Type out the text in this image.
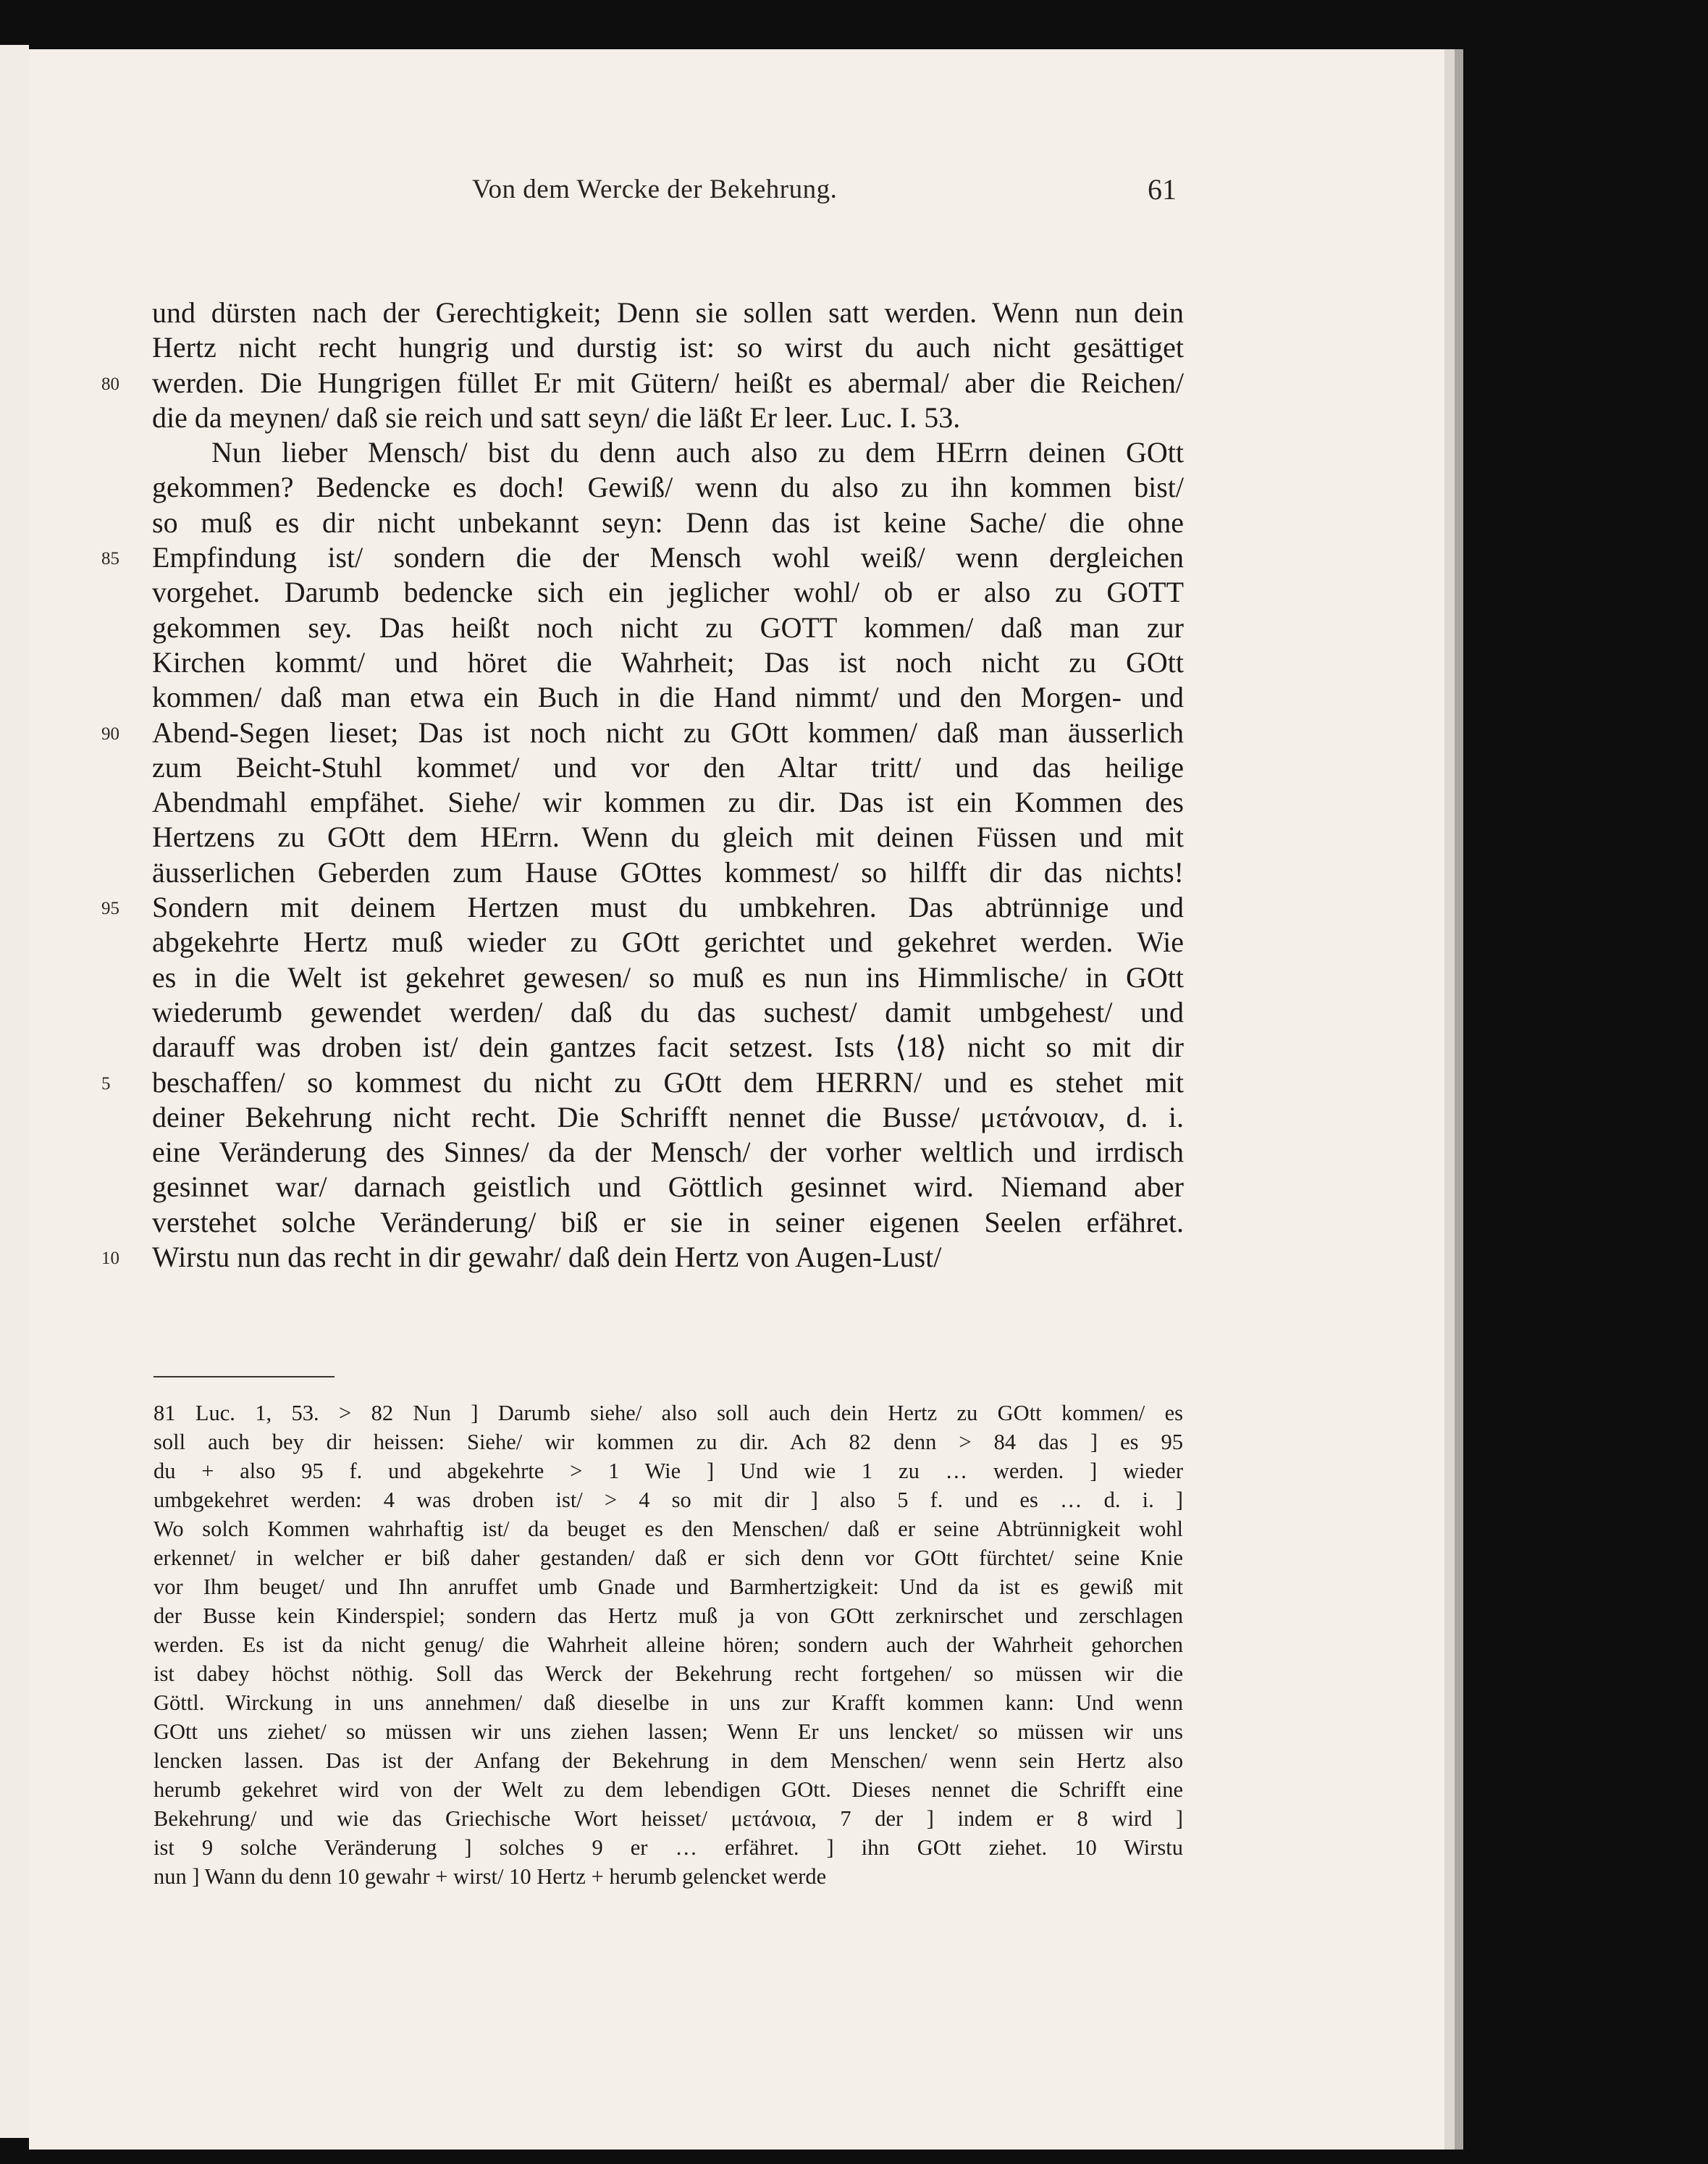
Von dem Wercke der Bekehrung.	61
und dürsten nach der Gerechtigkeit; Denn sie sollen satt werden. Wenn nun dein
Hertz nicht recht hungrig und durstig ist: so wirst du auch nicht gesättiget
80	werden. Die Hungrigen füllet Er mit Gütern/ heißt es abermal/ aber die Reichen/
die da meynen/ daß sie reich und satt seyn/ die läßt Er leer. Luc. I. 53.
Nun lieber Mensch/ bist du denn auch also zu dem HErrn deinen GOtt
gekommen? Bedencke es doch! Gewiß/ wenn du also zu ihn kommen bist/
so muß es dir nicht unbekannt seyn: Denn das ist keine Sache/ die ohne
85	Empfindung ist/ sondern die der Mensch wohl weiß/ wenn dergleichen
vorgehet. Darumb bedencke sich ein jeglicher wohl/ ob er also zu GOTT
gekommen sey. Das heißt noch nicht zu GOTT kommen/ daß man zur
Kirchen kommt/ und höret die Wahrheit; Das ist noch nicht zu GOtt
kommen/ daß man etwa ein Buch in die Hand nimmt/ und den Morgen- und
90	Abend-Segen lieset; Das ist noch nicht zu GOtt kommen/ daß man äusserlich
zum Beicht-Stuhl kommet/ und vor den Altar tritt/ und das heilige
Abendmahl empfähet. Siehe/ wir kommen zu dir. Das ist ein Kommen des
Hertzens zu GOtt dem HErrn. Wenn du gleich mit deinen Füssen und mit
äusserlichen Geberden zum Hause GOttes kommest/ so hilfft dir das nichts!
95	Sondern mit deinem Hertzen must du umbkehren. Das abtrünnige und
abgekehrte Hertz muß wieder zu GOtt gerichtet und gekehret werden. Wie
es in die Welt ist gekehret gewesen/ so muß es nun ins Himmlische/ in GOtt
wiederumb gewendet werden/ daß du das suchest/ damit umbgehest/ und
darauff was droben ist/ dein gantzes facit setzest. Ists ⟨18⟩ nicht so mit dir
5	beschaffen/ so kommest du nicht zu GOtt dem HERRN/ und es stehet mit
deiner Bekehrung nicht recht. Die Schrifft nennet die Busse/ μετάνοιαν, d. i.
eine Veränderung des Sinnes/ da der Mensch/ der vorher weltlich und irrdisch
gesinnet war/ darnach geistlich und Göttlich gesinnet wird. Niemand aber
verstehet solche Veränderung/ biß er sie in seiner eigenen Seelen erfähret.
10	Wirstu nun das recht in dir gewahr/ daß dein Hertz von Augen-Lust/
81 Luc. 1, 53. > 82 Nun ] Darumb siehe/ also soll auch dein Hertz zu GOtt kommen/ es
soll auch bey dir heissen: Siehe/ wir kommen zu dir. Ach 82 denn > 84 das ] es 95
du + also 95 f. und abgekehrte > 1 Wie ] Und wie 1 zu … werden. ] wieder
umbgekehret werden: 4 was droben ist/ > 4 so mit dir ] also 5 f. und es … d. i. ]
Wo solch Kommen wahrhaftig ist/ da beuget es den Menschen/ daß er seine Abtrünnigkeit wohl
erkennet/ in welcher er biß daher gestanden/ daß er sich denn vor GOtt fürchtet/ seine Knie
vor Ihm beuget/ und Ihn anruffet umb Gnade und Barmhertzigkeit: Und da ist es gewiß mit
der Busse kein Kinderspiel; sondern das Hertz muß ja von GOtt zerknirschet und zerschlagen
werden. Es ist da nicht genug/ die Wahrheit alleine hören; sondern auch der Wahrheit gehorchen
ist dabey höchst nöthig. Soll das Werck der Bekehrung recht fortgehen/ so müssen wir die
Göttl. Wirckung in uns annehmen/ daß dieselbe in uns zur Krafft kommen kann: Und wenn
GOtt uns ziehet/ so müssen wir uns ziehen lassen; Wenn Er uns lencket/ so müssen wir uns
lencken lassen. Das ist der Anfang der Bekehrung in dem Menschen/ wenn sein Hertz also
herumb gekehret wird von der Welt zu dem lebendigen GOtt. Dieses nennet die Schrifft eine
Bekehrung/ und wie das Griechische Wort heisset/ μετάνοια, 7 der ] indem er 8 wird ]
ist 9 solche Veränderung ] solches 9 er … erfähret. ] ihn GOtt ziehet. 10 Wirstu
nun ] Wann du denn 10 gewahr + wirst/ 10 Hertz + herumb gelencket werde
